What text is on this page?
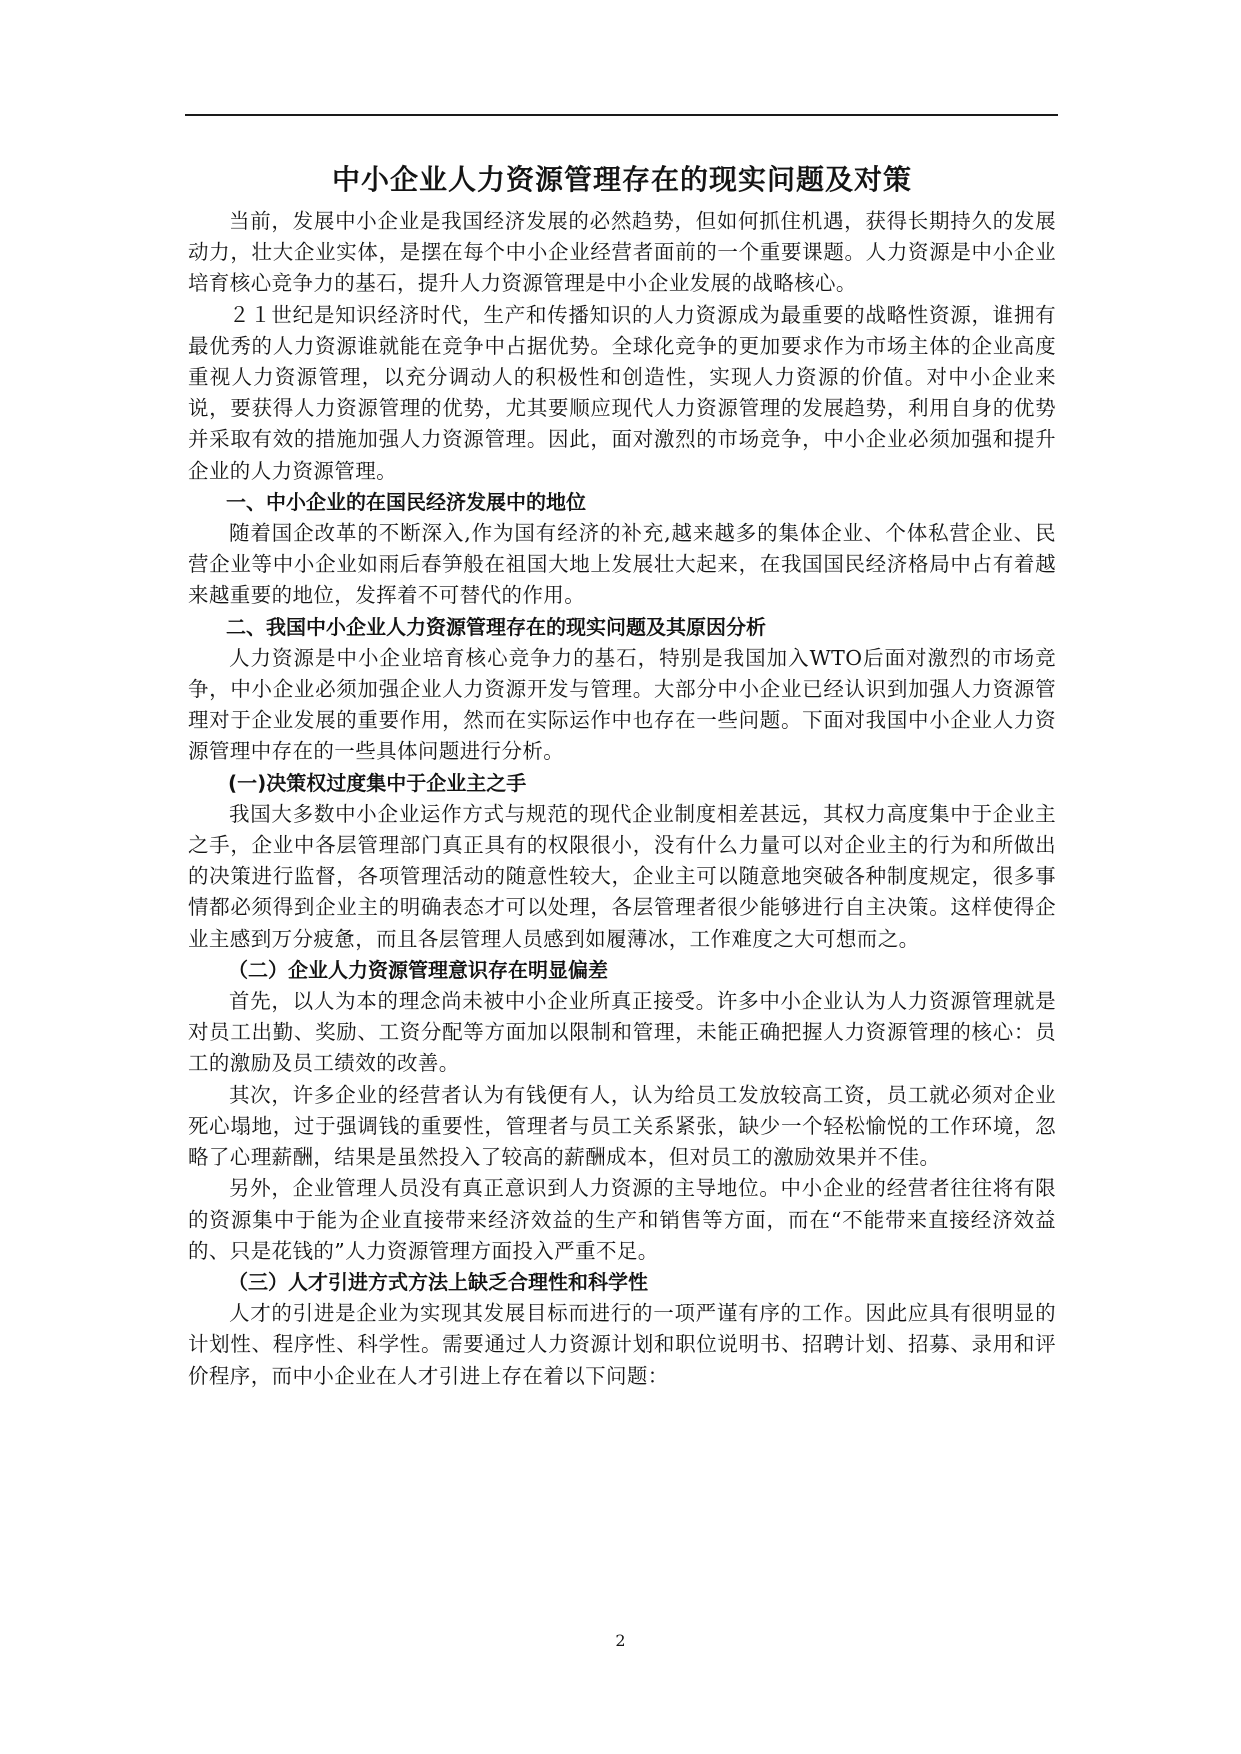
中小企业人力资源管理存在的现实问题及对策

当前，发展中小企业是我国经济发展的必然趋势，但如何抓住机遇，获得长期持久的发展动力，壮大企业实体，是摆在每个中小企业经营者面前的一个重要课题。人力资源是中小企业培育核心竞争力的基石，提升人力资源管理是中小企业发展的战略核心。

２１世纪是知识经济时代，生产和传播知识的人力资源成为最重要的战略性资源，谁拥有最优秀的人力资源谁就能在竞争中占据优势。全球化竞争的更加要求作为市场主体的企业高度重视人力资源管理，以充分调动人的积极性和创造性，实现人力资源的价值。对中小企业来说，要获得人力资源管理的优势，尤其要顺应现代人力资源管理的发展趋势，利用自身的优势并采取有效的措施加强人力资源管理。因此，面对激烈的市场竞争，中小企业必须加强和提升企业的人力资源管理。

一、中小企业的在国民经济发展中的地位

随着国企改革的不断深入,作为国有经济的补充,越来越多的集体企业、个体私营企业、民营企业等中小企业如雨后春笋般在祖国大地上发展壮大起来，在我国国民经济格局中占有着越来越重要的地位，发挥着不可替代的作用。

二、我国中小企业人力资源管理存在的现实问题及其原因分析

人力资源是中小企业培育核心竞争力的基石，特别是我国加入WTO后面对激烈的市场竞争，中小企业必须加强企业人力资源开发与管理。大部分中小企业已经认识到加强人力资源管理对于企业发展的重要作用，然而在实际运作中也存在一些问题。下面对我国中小企业人力资源管理中存在的一些具体问题进行分析。

(一)决策权过度集中于企业主之手

我国大多数中小企业运作方式与规范的现代企业制度相差甚远，其权力高度集中于企业主之手，企业中各层管理部门真正具有的权限很小，没有什么力量可以对企业主的行为和所做出的决策进行监督，各项管理活动的随意性较大，企业主可以随意地突破各种制度规定，很多事情都必须得到企业主的明确表态才可以处理，各层管理者很少能够进行自主决策。这样使得企业主感到万分疲惫，而且各层管理人员感到如履薄冰，工作难度之大可想而之。

（二）企业人力资源管理意识存在明显偏差

首先，以人为本的理念尚未被中小企业所真正接受。许多中小企业认为人力资源管理就是对员工出勤、奖励、工资分配等方面加以限制和管理，未能正确把握人力资源管理的核心：员工的激励及员工绩效的改善。

其次，许多企业的经营者认为有钱便有人，认为给员工发放较高工资，员工就必须对企业死心塌地，过于强调钱的重要性，管理者与员工关系紧张，缺少一个轻松愉悦的工作环境，忽略了心理薪酬，结果是虽然投入了较高的薪酬成本，但对员工的激励效果并不佳。

另外，企业管理人员没有真正意识到人力资源的主导地位。中小企业的经营者往往将有限的资源集中于能为企业直接带来经济效益的生产和销售等方面，而在“不能带来直接经济效益的、只是花钱的”人力资源管理方面投入严重不足。

（三）人才引进方式方法上缺乏合理性和科学性

人才的引进是企业为实现其发展目标而进行的一项严谨有序的工作。因此应具有很明显的计划性、程序性、科学性。需要通过人力资源计划和职位说明书、招聘计划、招募、录用和评价程序，而中小企业在人才引进上存在着以下问题：

2
